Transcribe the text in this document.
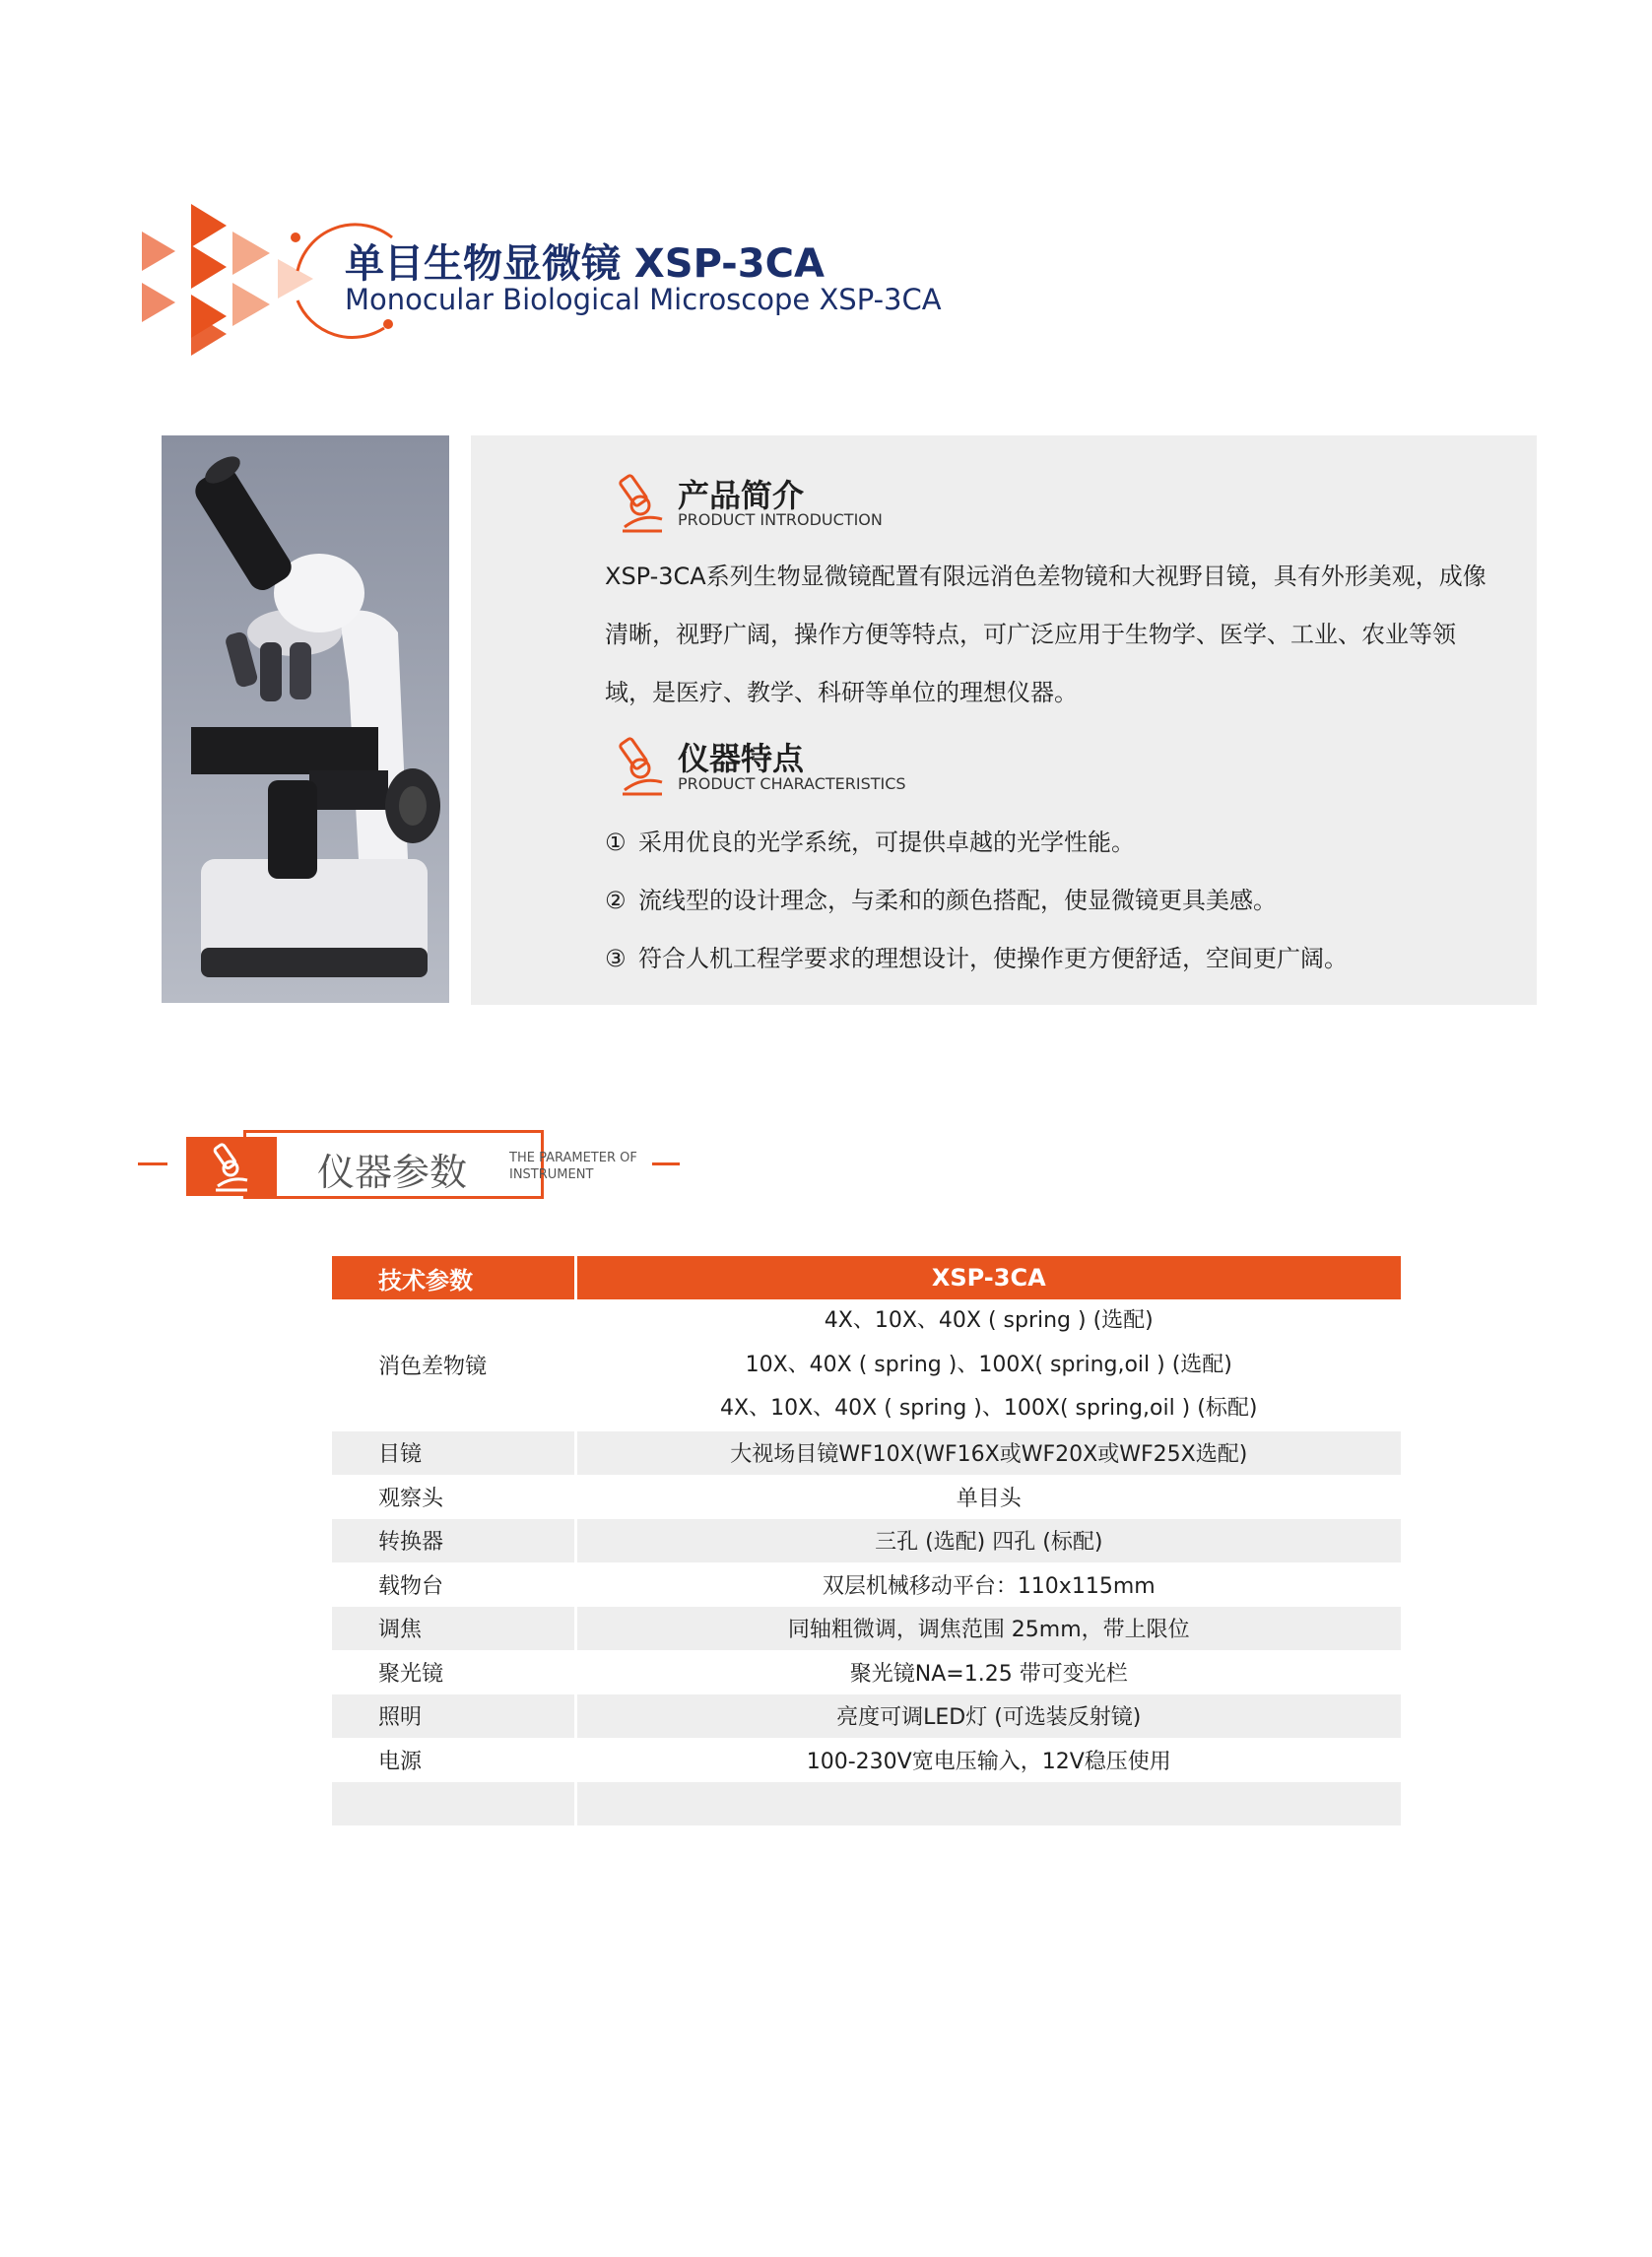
单目生物显微镜 XSP-3CA
Monocular Biological Microscope XSP-3CA
产品简介
PRODUCT INTRODUCTION
XSP-3CA系列生物显微镜配置有限远消色差物镜和大视野目镜，具有外形美观，成像清晰，视野广阔，操作方便等特点，可广泛应用于生物学、医学、工业、农业等领域，是医疗、教学、科研等单位的理想仪器。
仪器特点
PRODUCT CHARACTERISTICS
① 采用优良的光学系统，可提供卓越的光学性能。
② 流线型的设计理念，与柔和的颜色搭配，使显微镜更具美感。
③ 符合人机工程学要求的理想设计，使操作更方便舒适，空间更广阔。
仪器参数	THE PARAMETER OF INSTRUMENT
技术参数	XSP-3CA
消色差物镜	4X、10X、40X ( spring ) (选配)
10X、40X ( spring )、100X( spring,oil ) (选配)
4X、10X、40X ( spring )、100X( spring,oil ) (标配)

目镜	大视场目镜WF10X(WF16X或WF20X或WF25X选配)
观察头	单目头
转换器	三孔 (选配) 四孔 (标配)
载物台	双层机械移动平台：110x115mm
调焦	同轴粗微调，调焦范围 25mm，带上限位
聚光镜	聚光镜NA=1.25 带可变光栏
照明	亮度可调LED灯 (可选装反射镜)
电源	100-230V宽电压输入，12V稳压使用
